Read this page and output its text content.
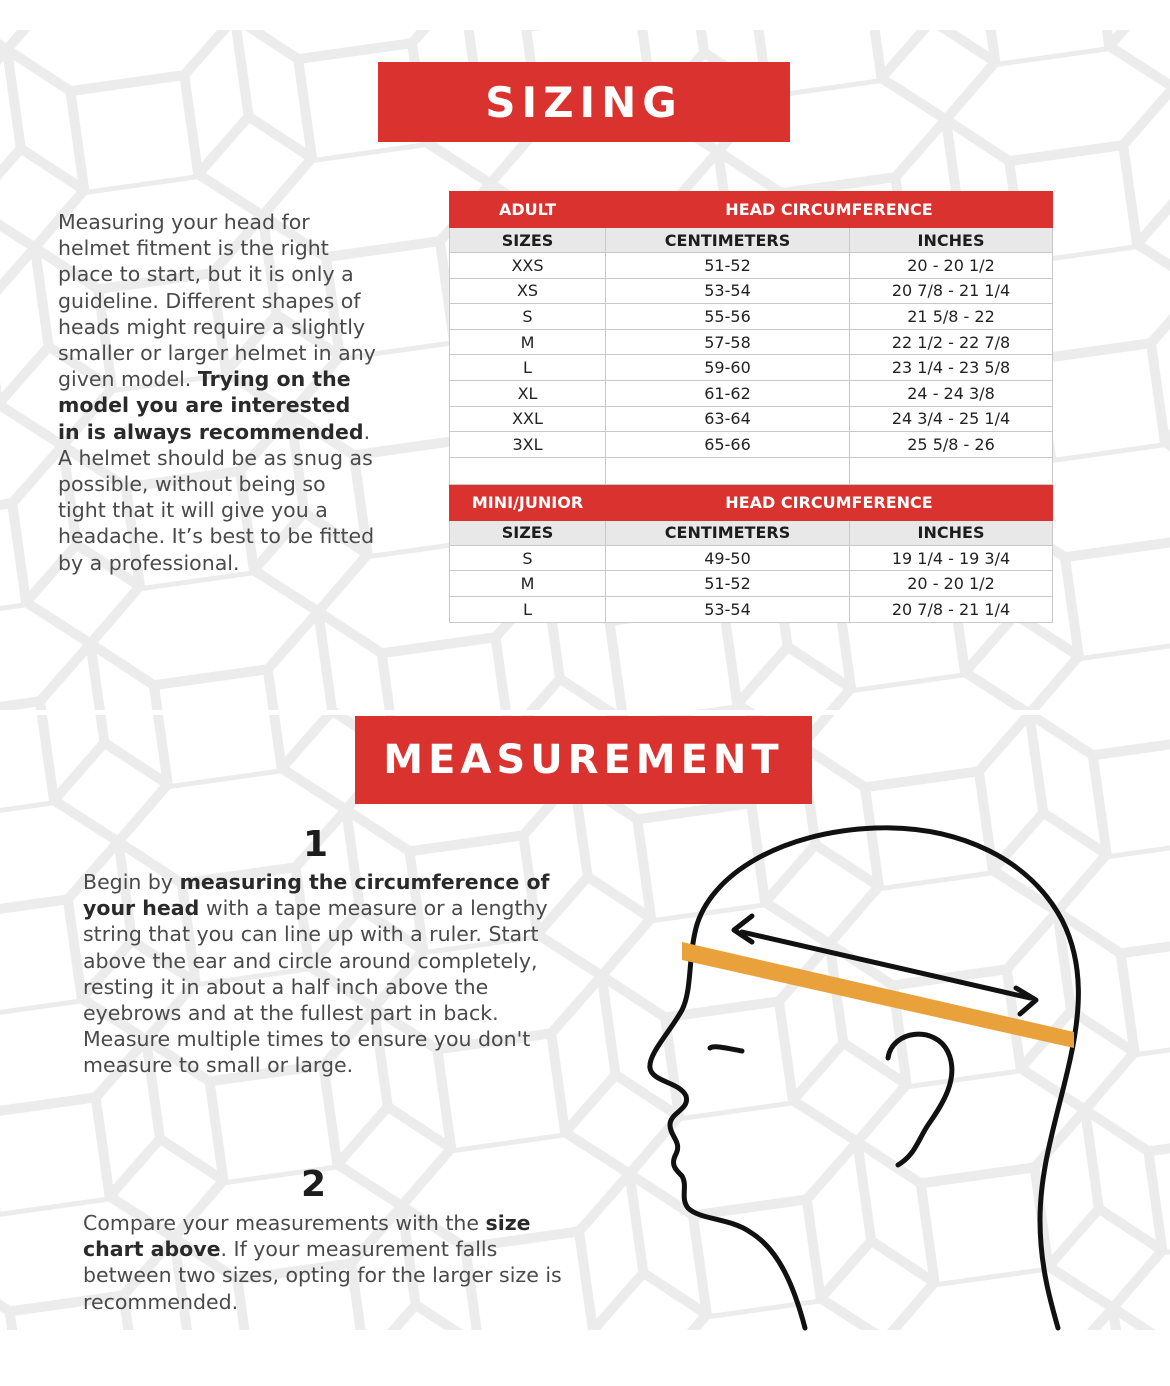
SIZING
Measuring your head for helmet fitment is the right place to start, but it is only a guideline. Different shapes of heads might require a slightly smaller or larger helmet in any given model. Trying on the model you are interested in is always recommended. A helmet should be as snug as possible, without being so tight that it will give you a headache. It’s best to be fitted by a professional.
ADULT	HEAD CIRCUMFERENCE	
SIZES	CENTIMETERS	INCHES
XXS	51-52	20 - 20 1/2
XS	53-54	20 7/8 - 21 1/4
S	55-56	21 5/8 - 22
M	57-58	22 1/2 - 22 7/8
L	59-60	23 1/4 - 23 5/8
XL	61-62	24 - 24 3/8
XXL	63-64	24 3/4 - 25 1/4
3XL	65-66	25 5/8 - 26

MINI/JUNIOR	HEAD CIRCUMFERENCE	
SIZES	CENTIMETERS	INCHES
S	49-50	19 1/4 - 19 3/4
M	51-52	20 - 20 1/2
L	53-54	20 7/8 - 21 1/4
MEASUREMENT
1
Begin by measuring the circumference of your head with a tape measure or a lengthy string that you can line up with a ruler. Start above the ear and circle around completely, resting it in about a half inch above the eyebrows and at the fullest part in back. Measure multiple times to ensure you don't measure to small or large.
2
Compare your measurements with the size chart above. If your measurement falls between two sizes, opting for the larger size is recommended.
